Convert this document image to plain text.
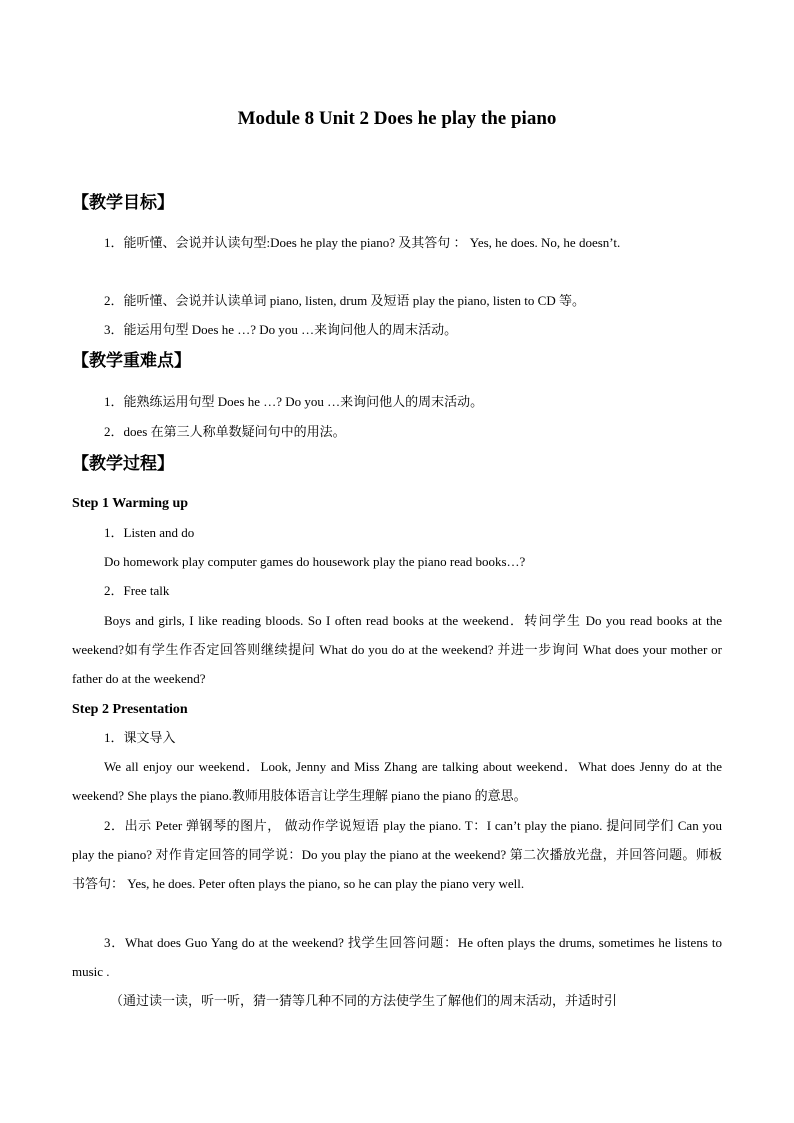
Module 8 Unit 2 Does he play the piano
【教学目标】
1．能听懂、会说并认读句型:Does he play the piano? 及其答句 ： Yes, he does. No, he doesn’t.
2．能听懂、会说并认读单词 piano, listen, drum 及短语 play the piano, listen to CD 等。
3．能运用句型 Does he …? Do you …来询问他人的周末活动。
【教学重难点】
1．能熟练运用句型 Does he …? Do you …来询问他人的周末活动。
2．does 在第三人称单数疑问句中的用法。
【教学过程】
Step 1 Warming up
1．Listen and do
Do homework play computer games do housework play the piano read books…?
2．Free talk
Boys and girls, I like reading bloods. So I often read books at the weekend．转问学生 Do you read books at the weekend?如有学生作否定回答则继续提问 What do you do at the weekend? 并进一步询问 What does your mother or father do at the weekend?
Step 2 Presentation
1．课文导入
We all enjoy our weekend．Look, Jenny and Miss Zhang are talking about weekend．What does Jenny do at the weekend? She plays the piano.教师用肢体语言让学生理解 piano the piano 的意思。
2．出示 Peter 弹钢琴的图片， 做动作学说短语 play the piano. T：I can’t play the piano. 提问同学们 Can you play the piano? 对作肯定回答的同学说：Do you play the piano at the weekend? 第二次播放光盘，并回答问题。师板书答句： Yes, he does. Peter often plays the piano, so he can play the piano very well.
3．What does Guo Yang do at the weekend? 找学生回答问题：He often plays the drums, sometimes he listens to music .
（通过读一读，听一听，猜一猜等几种不同的方法使学生了解他们的周末活动，并适时引
